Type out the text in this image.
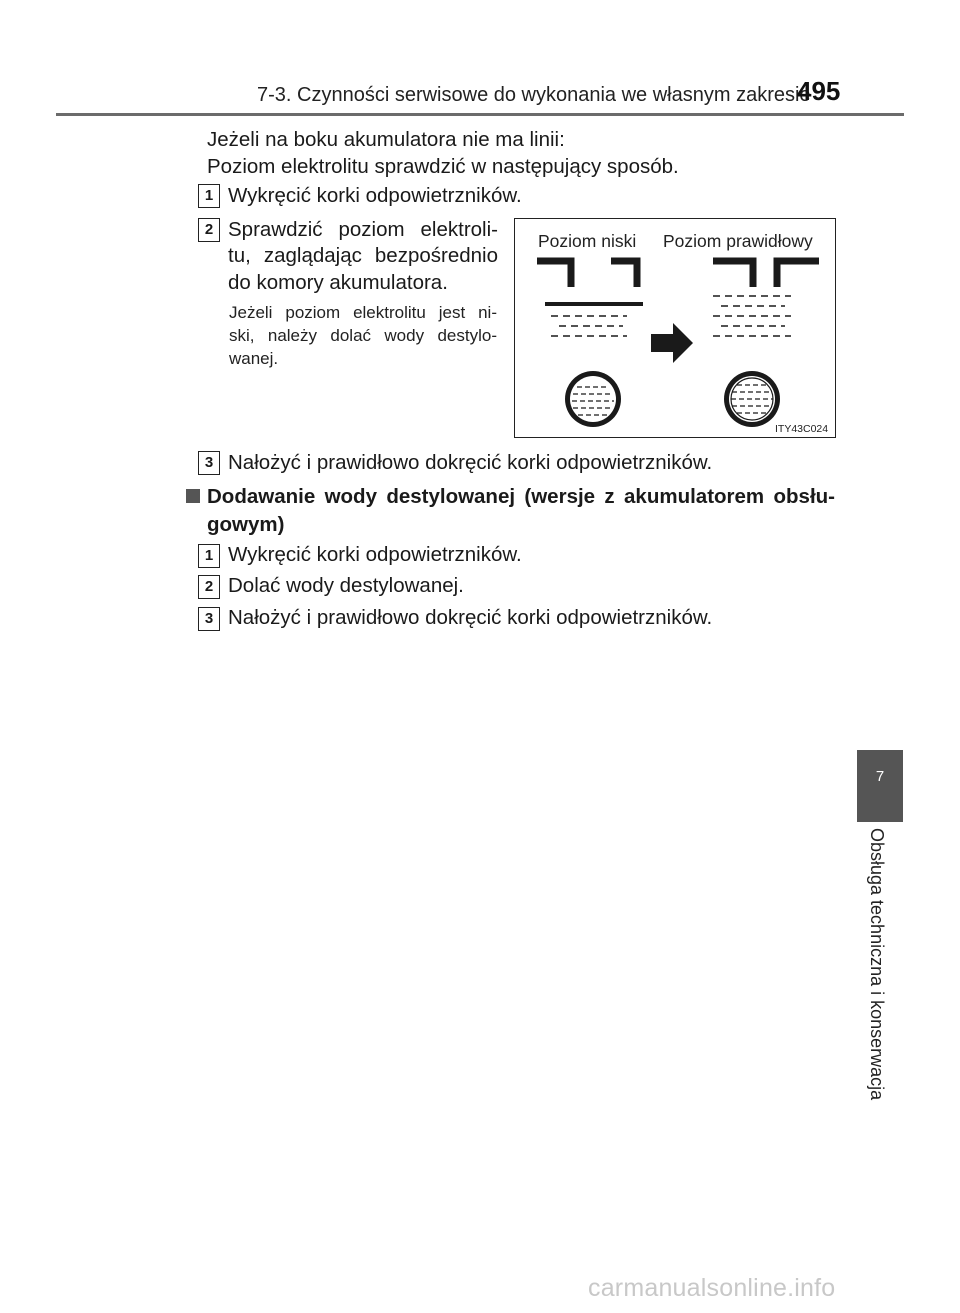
7-3. Czynności serwisowe do wykonania we własnym zakresie
495
Jeżeli na boku akumulatora nie ma linii:
Poziom elektrolitu sprawdzić w następujący sposób.
1 Wykręcić korki odpowietrzników.
2 Sprawdzić poziom elektroli-
tu, zaglądając bezpośrednio
do komory akumulatora.
Jeżeli poziom elektrolitu jest ni-
ski, należy dolać wody destylo-
wanej.
Poziom niski Poziom prawidłowy
ITY43C024
3 Nałożyć i prawidłowo dokręcić korki odpowietrzników.
Dodawanie wody destylowanej (wersje z akumulatorem obsłu-
gowym)
1 Wykręcić korki odpowietrzników.
2 Dolać wody destylowanej.
3 Nałożyć i prawidłowo dokręcić korki odpowietrzników.
7
Obsługa techniczna i konserwacja
carmanualsonline.info
